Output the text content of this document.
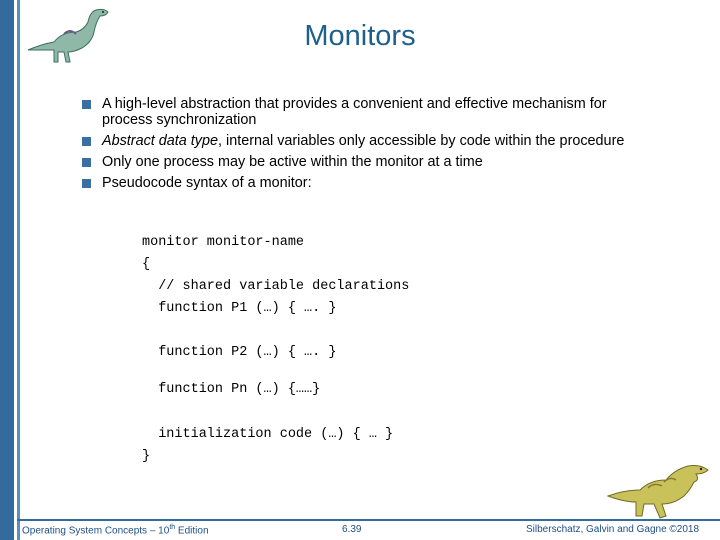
Monitors
A high-level abstraction that provides a convenient and effective mechanism for process synchronization
Abstract data type, internal variables only accessible by code within the procedure
Only one process may be active within the monitor at a time
Pseudocode syntax of a monitor:

monitor monitor-name

{

// shared variable declarations

function P1 (…) { …. }

function P2 (…) { …. }

function Pn (…) {……}

initialization code (…) { … }

}

Operating System Concepts – 10th Edition	6.39	Silberschatz, Galvin and Gagne ©2018
